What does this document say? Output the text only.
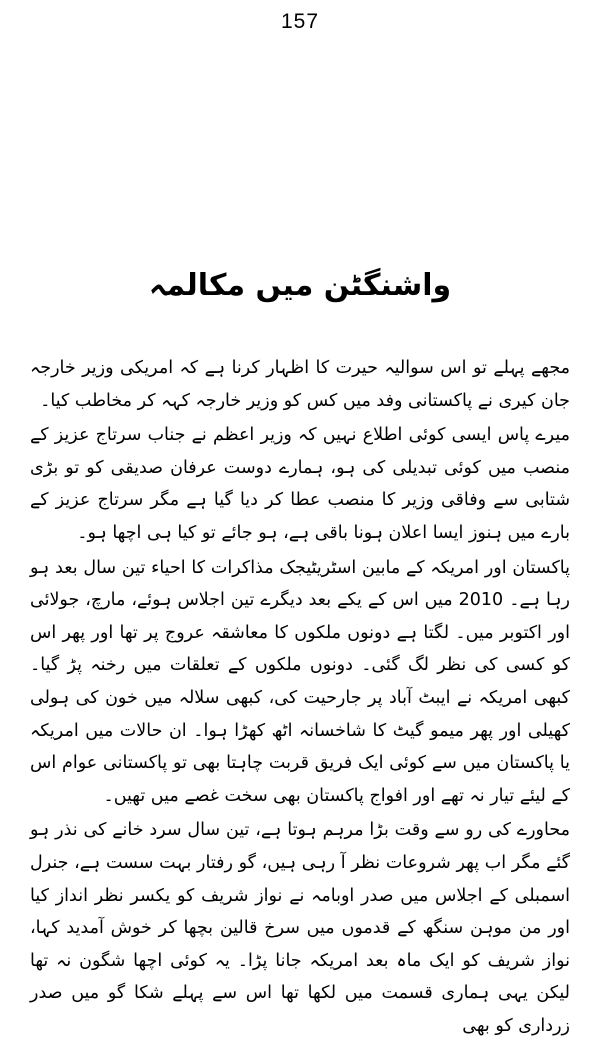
157
واشنگٹن میں مکالمہ

مجھے پہلے تو اس سوالیہ حیرت کا اظہار کرنا ہے کہ امریکی وزیر خارجہ جان کیری نے پاکستانی وفد میں کس کو وزیر خارجہ کہہ کر مخاطب کیا۔

میرے پاس ایسی کوئی اطلاع نہیں کہ وزیر اعظم نے جناب سرتاج عزیز کے منصب میں کوئی تبدیلی کی ہو، ہمارے دوست عرفان صدیقی کو تو بڑی شتابی سے وفاقی وزیر کا منصب عطا کر دیا گیا ہے مگر سرتاج عزیز کے بارے میں ہنوز ایسا اعلان ہونا باقی ہے، ہو جائے تو کیا ہی اچھا ہو۔

پاکستان اور امریکہ کے مابین اسٹریٹیجک مذاکرات کا احیاء تین سال بعد ہو رہا ہے۔ 2010 میں اس کے یکے بعد دیگرے تین اجلاس ہوئے، مارچ، جولائی اور اکتوبر میں۔ لگتا ہے دونوں ملکوں کا معاشقہ عروج پر تھا اور پھر اس کو کسی کی نظر لگ گئی۔ دونوں ملکوں کے تعلقات میں رخنہ پڑ گیا۔ کبھی امریکہ نے ایبٹ آباد پر جارحیت کی، کبھی سلالہ میں خون کی ہولی کھیلی اور پھر میمو گیٹ کا شاخسانہ اٹھ کھڑا ہوا۔ ان حالات میں امریکہ یا پاکستان میں سے کوئی ایک فریق قربت چاہتا بھی تو پاکستانی عوام اس کے لیئے تیار نہ تھے اور افواج پاکستان بھی سخت غصے میں تھیں۔

محاورے کی رو سے وقت بڑا مرہم ہوتا ہے، تین سال سرد خانے کی نذر ہو گئے مگر اب پھر شروعات نظر آ رہی ہیں، گو رفتار بہت سست ہے، جنرل اسمبلی کے اجلاس میں صدر اوبامہ نے نواز شریف کو یکسر نظر انداز کیا اور من موہن سنگھ کے قدموں میں سرخ قالین بچھا کر خوش آمدید کہا، نواز شریف کو ایک ماہ بعد امریکہ جانا پڑا۔ یہ کوئی اچھا شگون نہ تھا لیکن یہی ہماری قسمت میں لکھا تھا اس سے پہلے شکا گو میں صدر زرداری کو بھی
